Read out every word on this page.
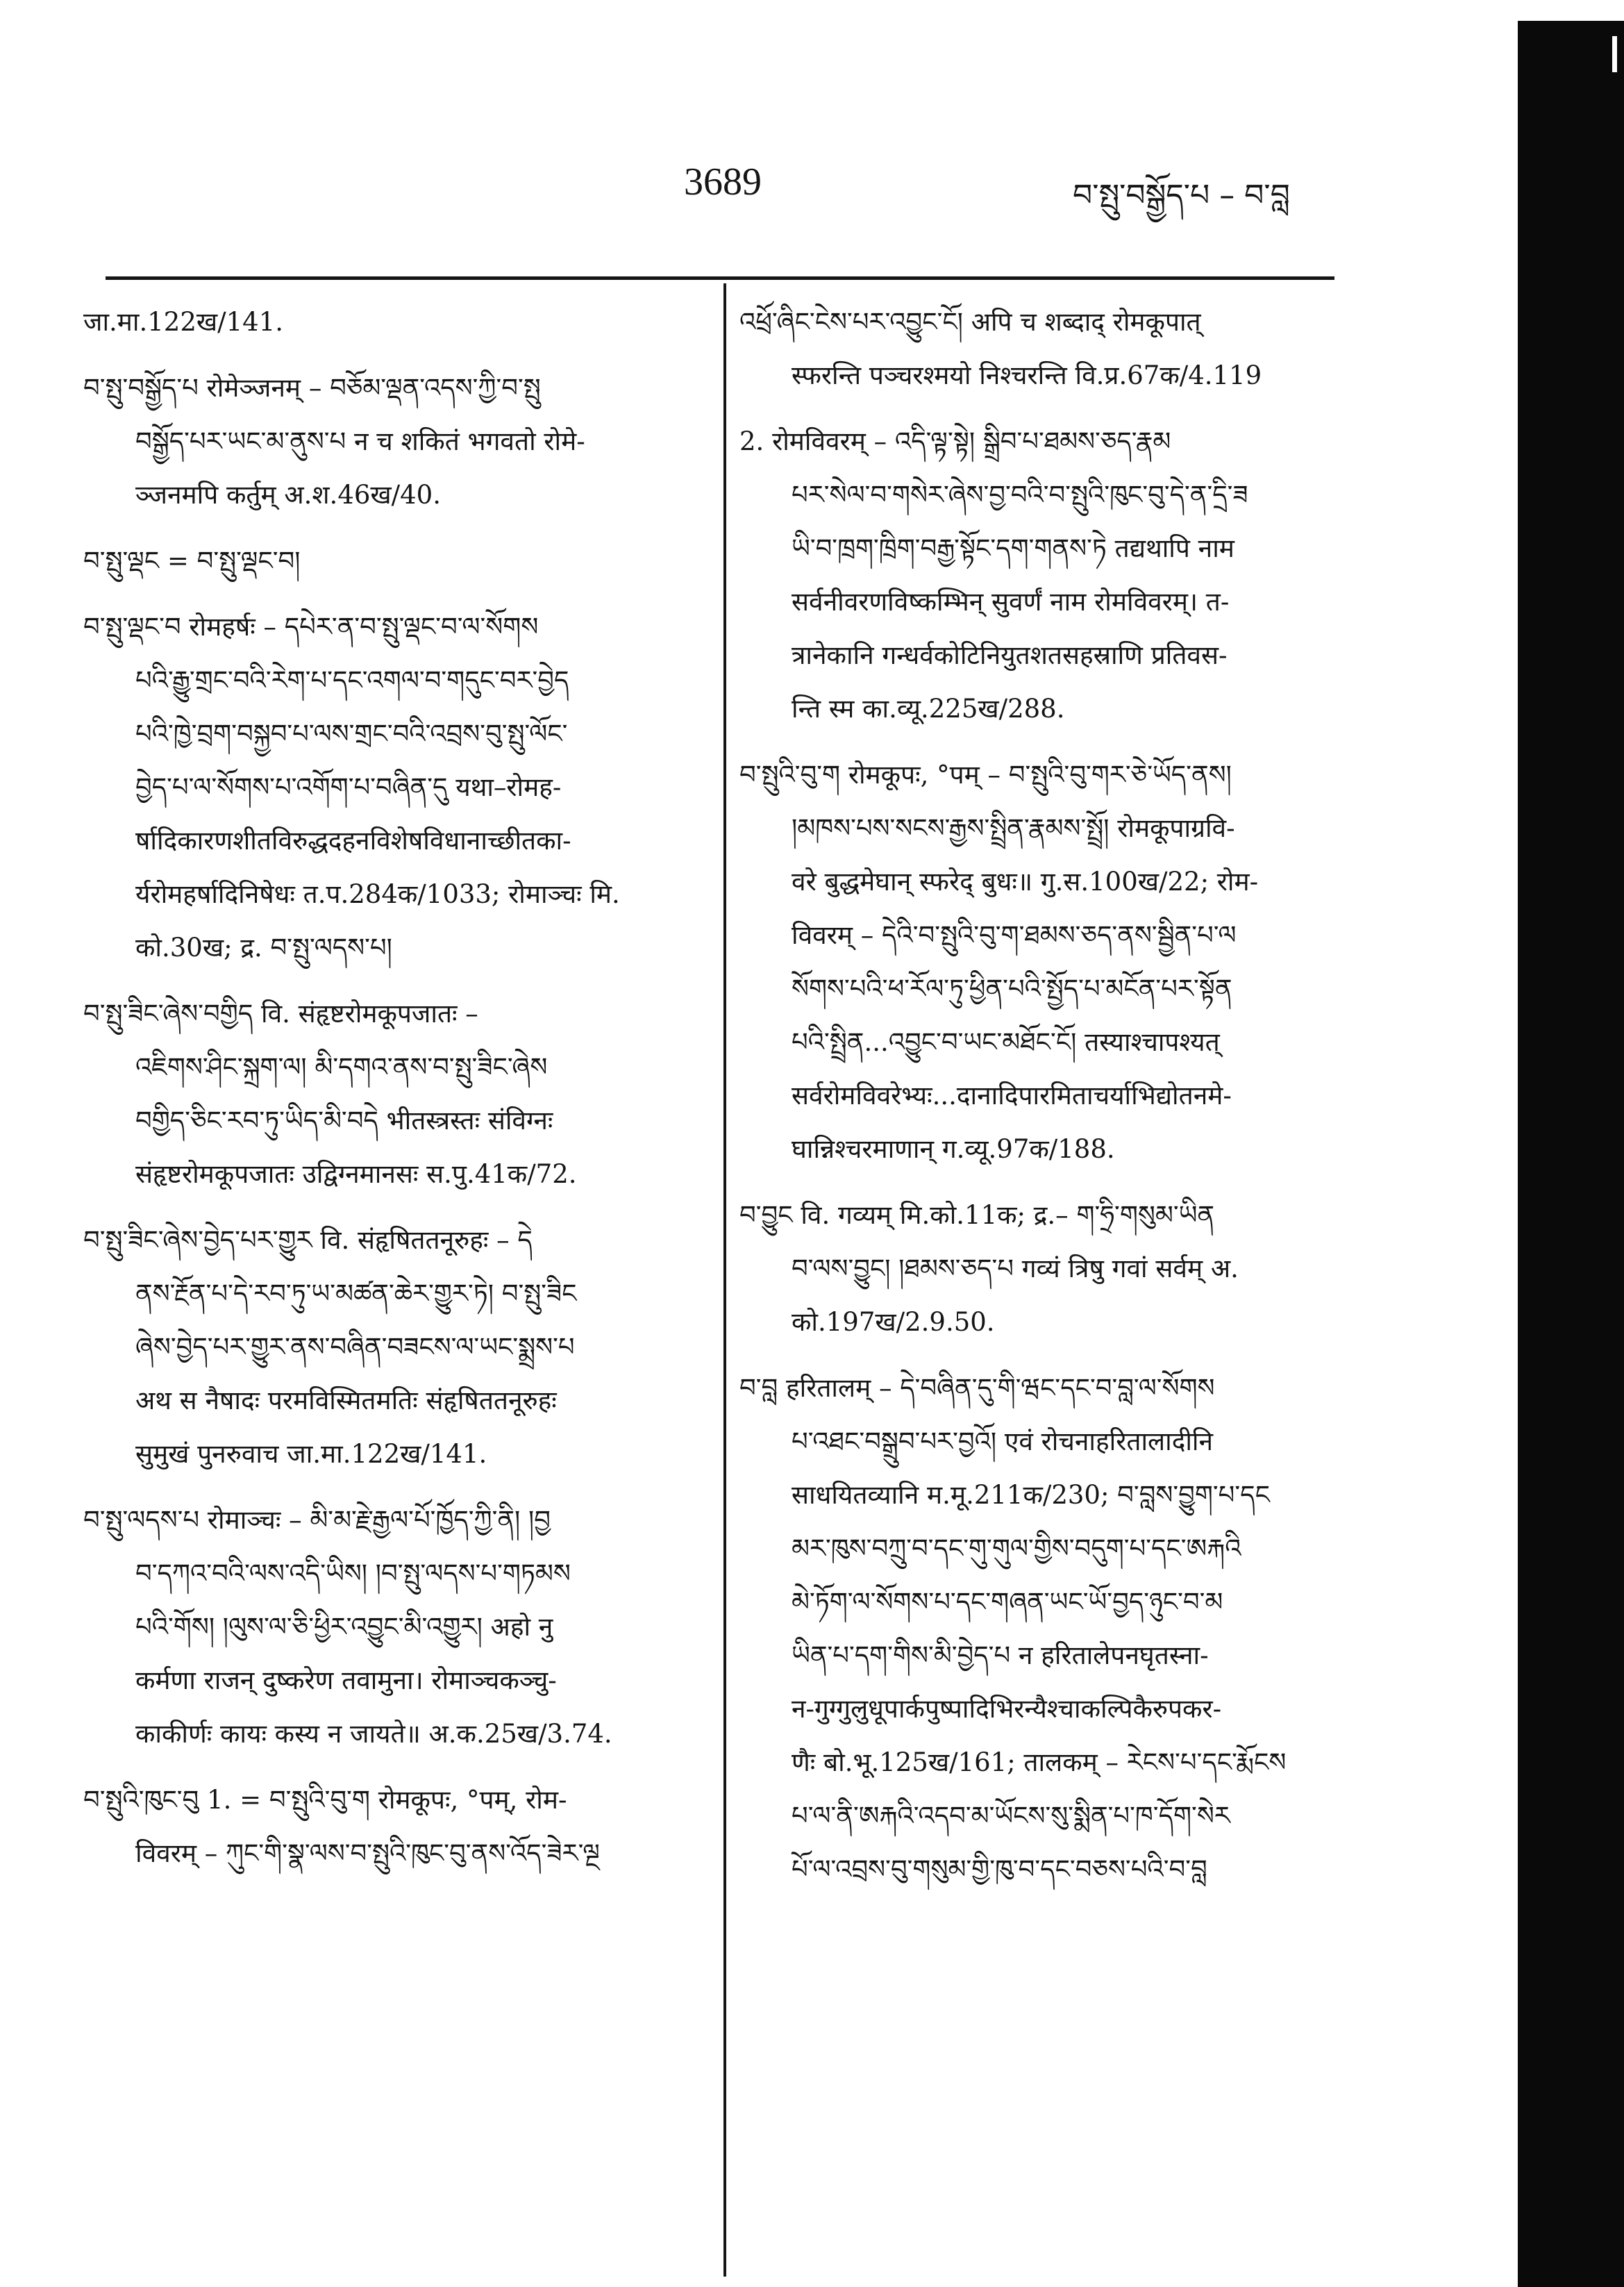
3689	བ་སྤུ་བསྒྱོད་པ – བ་བླ
जा.मा.122ख/141.
བ་སྤུ་བསྒྱོད་པ रोमेञ्जनम् – བཅོམ་ལྡན་འདས་ཀྱི་བ་སྤུ
བསྒྱོད་པར་ཡང་མ་ནུས་པ न च शकितं भगवतो रोमे-
ञ्जनमपि कर्तुम् अ.श.46ख/40.
བ་སྤུ་ལྡང = བ་སྤུ་ལྡང་བ།
བ་སྤུ་ལྡང་བ रोमहर्षः – དཔེར་ན་བ་སྤུ་ལྡང་བ་ལ་སོགས
པའི་རྒྱུ་གྲང་བའི་རེག་པ་དང་འགལ་བ་གདུང་བར་བྱེད
པའི་ཁྱེ་བྲག་བསྐྱབ་པ་ལས་གྲང་བའི་འབྲས་བུ་སྤུ་ལོང་
བྱེད་པ་ལ་སོགས་པ་འགོག་པ་བཞིན་དུ यथा–रोमह-
र्षादिकारणशीतविरुद्धदहनविशेषविधानाच्छीतका-
र्यरोमहर्षादिनिषेधः त.प.284क/1033; रोमाञ्चः मि.
को.30ख; द्र. བ་སྤུ་ལདས་པ།
བ་སྤུ་ཟིང་ཞེས་བགྱིད वि. संहृष्टरोमकूपजातः –
འཇིགས་ཤིང་སྐྲག་ལ། མི་དགའ་ནས་བ་སྤུ་ཟིང་ཞེས
བགྱིད་ཅིང་རབ་ཏུ་ཡིད་མི་བདེ भीतस्त्रस्तः संविग्नः
संहृष्टरोमकूपजातः उद्विग्नमानसः स.पु.41क/72.
བ་སྤུ་ཟིང་ཞེས་བྱེད་པར་གྱུར वि. संहृषिततनूरुहः – དེ
ནས་རྔོན་པ་དེ་རབ་ཏུ་ཡ་མཚན་ཆེར་གྱུར་ཏེ། བ་སྤུ་ཟིང
ཞེས་བྱེད་པར་གྱུར་ནས་བཞིན་བཟངས་ལ་ཡང་སྨྲས་པ
अथ स नैषादः परमविस्मितमतिः संहृषिततनूरुहः
सुमुखं पुनरुवाच जा.मा.122ख/141.
བ་སྤུ་ལདས་པ रोमाञ्चः – མི་མ་རྗེ་རྒྱལ་པོ་ཁྱོད་ཀྱི་ནི། །བྱ
བ་དཀའ་བའི་ལས་འདི་ཡིས། །བ་སྤུ་ལདས་པ་གཏམས
པའི་གོས། །ལུས་ལ་ཅི་ཕྱིར་འབྱུང་མི་འགྱུར། अहो नु
कर्मणा राजन् दुष्करेण तवामुना। रोमाञ्चकञ्चु-
काकीर्णः कायः कस्य न जायते॥ अ.क.25ख/3.74.
བ་སྤུའི་ཁུང་བུ 1. = བ་སྤུའི་བུ་ག रोमकूपः, °पम्, रोम-
विवरम् – ཀུང་གི་སྣ་ལས་བ་སྤུའི་ཁུང་བུ་ནས་འོད་ཟེར་ལྔ
འཕྲོ་ཞིང་ངེས་པར་འབྱུང་ངོ། अपि च शब्दाद् रोमकूपात्
स्फरन्ति पञ्चरश्मयो निश्चरन्ति वि.प्र.67क/4.119
2. रोमविवरम् – འདི་ལྟ་སྟེ། སྒྲིབ་པ་ཐམས་ཅད་རྣམ
པར་སེལ་བ་གསེར་ཞེས་བྱ་བའི་བ་སྤུའི་ཁུང་བུ་དེ་ན་དྲི་ཟ
ཡི་བ་ཁྲག་ཁྲིག་བརྒྱ་སྟོང་དག་གནས་ཏེ तद्यथापि नाम
सर्वनीवरणविष्कम्भिन् सुवर्णं नाम रोमविवरम्। त-
त्रानेकानि गन्धर्वकोटिनियुतशतसहस्राणि प्रतिवस-
न्ति स्म का.व्यू.225ख/288.
བ་སྤུའི་བུ་ག रोमकूपः, °पम् – བ་སྤུའི་བུ་གར་ཅེ་ཡོད་ནས།
།མཁས་པས་སངས་རྒྱས་སྤྲིན་རྣམས་སྤྲོ། रोमकूपाग्रवि-
वरे बुद्धमेघान् स्फरेद् बुधः॥ गु.स.100ख/22; रोम-
विवरम् – དེའི་བ་སྤུའི་བུ་ག་ཐམས་ཅད་ནས་སྦྱིན་པ་ལ
སོགས་པའི་ཕ་རོལ་ཏུ་ཕྱིན་པའི་སྤྱོད་པ་མངོན་པར་སྟོན
པའི་སྤྲིན...འབྱུང་བ་ཡང་མཐོང་ངོ། तस्याश्चापश्यत्
सर्वरोमविवरेभ्यः...दानादिपारमिताचर्याभिद्योतनमे-
घान्निश्चरमाणान् ग.व्यू.97क/188.
བ་བྱུང वि. गव्यम् मि.को.11क; द्र.– ག་ཧྲི་གསུམ་ཡིན
བ་ལས་བྱུང། །ཐམས་ཅད་པ गव्यं त्रिषु गवां सर्वम् अ.
को.197ख/2.9.50.
བ་བླ हरितालम् – དེ་བཞིན་དུ་གི་ཝང་དང་བ་བླ་ལ་སོགས
པ་འཐང་བསྒྲུབ་པར་བྱའོ། एवं रोचनाहरितालादीनि
साधयितव्यानि म.मू.211क/230; བ་བླས་བྱུག་པ་དང
མར་ཁུས་བཀྲུ་བ་དང་གུ་གུལ་གྱིས་བདུག་པ་དང་ཨརྐའི
མེ་ཏོག་ལ་སོགས་པ་དང་གཞན་ཡང་ཡོ་བྱད་ཉུང་བ་མ
ཡིན་པ་དག་གིས་མི་བྱེད་པ न हरितालेपनघृतस्ना-
न-गुग्गुलुधूपार्कपुष्पादिभिरन्यैश्चाकल्पिकैरुपकर-
णैः बो.भू.125ख/161; तालकम् – རེངས་པ་དང་རྨོངས
པ་ལ་ནི་ཨརྐའི་འདབ་མ་ཡོངས་སུ་སྨིན་པ་ཁ་དོག་སེར
པོ་ལ་འབྲས་བུ་གསུམ་གྱི་ཁུ་བ་དང་བཅས་པའི་བ་བླ
